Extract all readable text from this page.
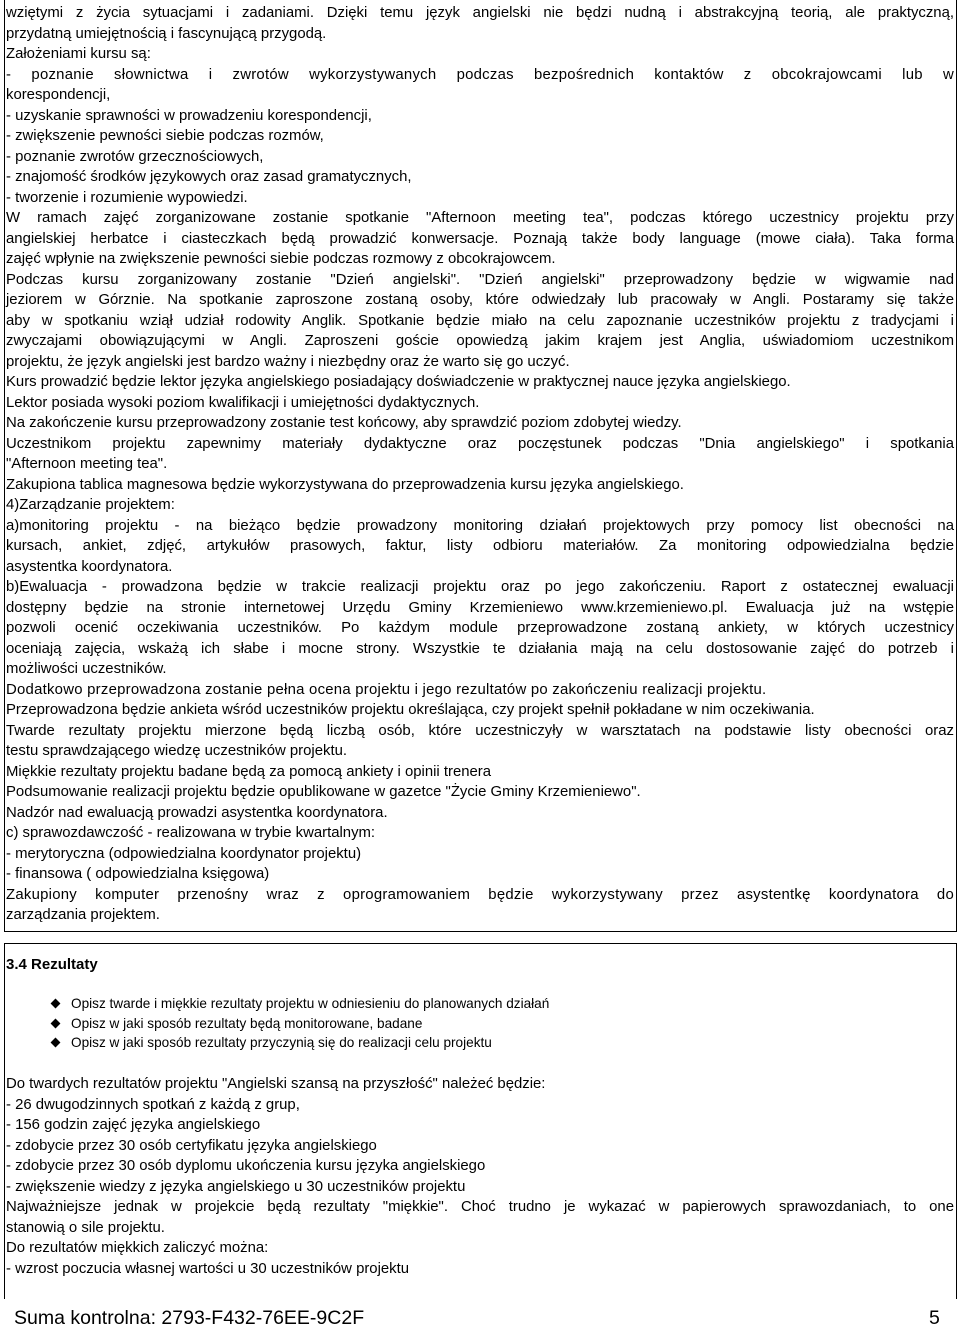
wziętymi z życia sytuacjami i zadaniami. Dzięki temu język angielski nie będzi nudną i abstrakcyjną teorią, ale praktyczną,
przydatną umiejętnością i fascynującą przygodą.
Założeniami kursu są:
- poznanie słownictwa i zwrotów wykorzystywanych podczas bezpośrednich kontaktów z obcokrajowcami lub w
korespondencji,
- uzyskanie sprawności w prowadzeniu korespondencji,
- zwiększenie pewności siebie podczas rozmów,
- poznanie zwrotów grzecznościowych,
- znajomość środków językowych oraz zasad gramatycznych,
- tworzenie i rozumienie wypowiedzi.
W ramach zajęć zorganizowane zostanie spotkanie "Afternoon meeting tea", podczas którego uczestnicy projektu przy
angielskiej herbatce i ciasteczkach będą prowadzić konwersacje. Poznają także body language (mowe ciała). Taka forma
zajęć wpłynie na zwiększenie pewności siebie podczas rozmowy z obcokrajowcem.
Podczas kursu zorganizowany zostanie "Dzień angielski". "Dzień angielski" przeprowadzony będzie w wigwamie nad
jeziorem w Górznie. Na spotkanie zaproszone zostaną osoby, które odwiedzały lub pracowały w Angli. Postaramy się także
aby w spotkaniu wziął udział rodowity Anglik. Spotkanie będzie miało na celu zapoznanie uczestników projektu z tradycjami i
zwyczajami obowiązującymi w Angli. Zaproszeni goście opowiedzą jakim krajem jest Anglia, uświadomiom uczestnikom
projektu, że język angielski jest bardzo ważny i niezbędny oraz że warto się go uczyć.
Kurs prowadzić będzie lektor języka angielskiego posiadający doświadczenie w praktycznej nauce języka angielskiego.
Lektor posiada wysoki poziom kwalifikacji i umiejętności dydaktycznych.
Na zakończenie kursu przeprowadzony zostanie test końcowy, aby sprawdzić poziom zdobytej wiedzy.
Uczestnikom projektu zapewnimy materiały dydaktyczne oraz poczęstunek podczas "Dnia angielskiego" i spotkania
"Afternoon meeting tea".
Zakupiona tablica magnesowa będzie wykorzystywana do przeprowadzenia kursu języka angielskiego.
4)Zarządzanie projektem:
a)monitoring projektu - na bieżąco będzie prowadzony monitoring działań projektowych przy pomocy list obecności na
kursach, ankiet, zdjęć, artykułów prasowych, faktur, listy odbioru materiałów. Za monitoring odpowiedzialna będzie
asystentka koordynatora.
b)Ewaluacja - prowadzona będzie w trakcie realizacji projektu oraz po jego zakończeniu. Raport z ostatecznej ewaluacji
dostępny będzie na stronie internetowej Urzędu Gminy Krzemieniewo www.krzemieniewo.pl. Ewaluacja już na wstępie
pozwoli ocenić oczekiwania uczestników. Po każdym module przeprowadzone zostaną ankiety, w których uczestnicy
oceniają zajęcia, wskażą ich słabe i mocne strony. Wszystkie te działania mają na celu dostosowanie zajęć do potrzeb i
możliwości uczestników.
Dodatkowo przeprowadzona zostanie pełna ocena projektu i jego rezultatów po zakończeniu realizacji projektu.
Przeprowadzona będzie ankieta wśród uczestników projektu określająca, czy projekt spełnił pokładane w nim oczekiwania.
Twarde rezultaty projektu mierzone będą liczbą osób, które uczestniczyły w warsztatach na podstawie listy obecności oraz
testu sprawdzającego wiedzę uczestników projektu.
Miękkie rezultaty projektu badane będą za pomocą ankiety i opinii trenera
Podsumowanie realizacji projektu będzie opublikowane w gazetce "Życie Gminy Krzemieniewo".
Nadzór nad ewaluacją prowadzi asystentka koordynatora.
c) sprawozdawczość - realizowana w trybie kwartalnym:
- merytoryczna (odpowiedzialna koordynator projektu)
- finansowa ( odpowiedzialna księgowa)
Zakupiony komputer przenośny wraz z oprogramowaniem będzie wykorzystywany przez asystentkę koordynatora do
zarządzania projektem.
3.4 Rezultaty
Opisz twarde i miękkie rezultaty projektu w odniesieniu do planowanych działań
Opisz w jaki sposób rezultaty będą monitorowane, badane
Opisz w jaki sposób rezultaty przyczynią się do realizacji celu projektu
Do twardych rezultatów projektu "Angielski szansą na przyszłość" należeć będzie:
- 26 dwugodzinnych spotkań z każdą z grup,
- 156 godzin zajęć języka angielskiego
- zdobycie przez 30 osób certyfikatu języka angielskiego
- zdobycie przez 30 osób dyplomu ukończenia kursu języka angielskiego
- zwiększenie wiedzy z języka angielskiego u 30 uczestników projektu
Najważniejsze jednak w projekcie będą rezultaty "miękkie". Choć trudno je wykazać w papierowych sprawozdaniach, to one
stanowią o sile projektu.
Do rezultatów miękkich zaliczyć można:
- wzrost poczucia własnej wartości u 30 uczestników projektu
Suma kontrolna: 2793-F432-76EE-9C2F	5
